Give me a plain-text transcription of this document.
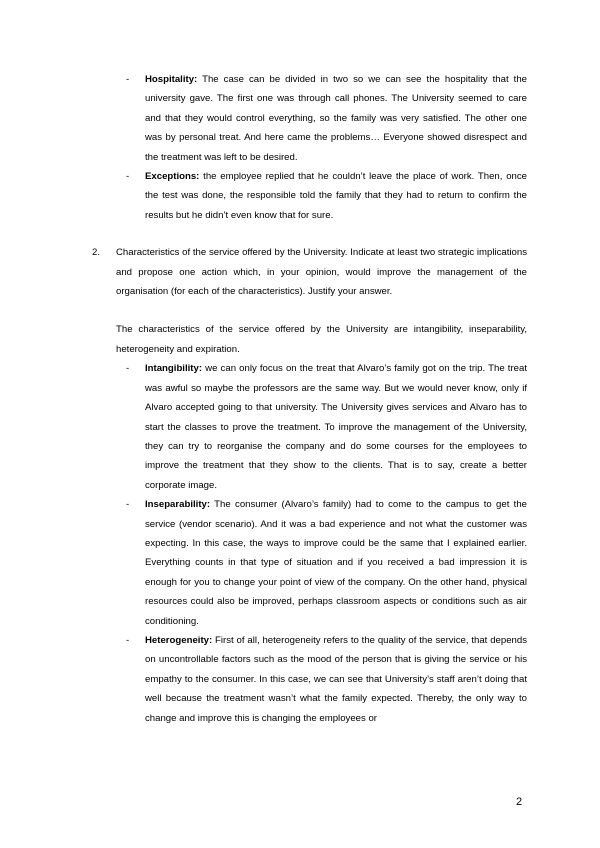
- Hospitality: The case can be divided in two so we can see the hospitality that the university gave. The first one was through call phones. The University seemed to care and that they would control everything, so the family was very satisfied. The other one was by personal treat. And here came the problems… Everyone showed disrespect and the treatment was left to be desired.
- Exceptions: the employee replied that he couldn’t leave the place of work. Then, once the test was done, the responsible told the family that they had to return to confirm the results but he didn’t even know that for sure.
2. Characteristics of the service offered by the University. Indicate at least two strategic implications and propose one action which, in your opinion, would improve the management of the organisation (for each of the characteristics). Justify your answer.
The characteristics of the service offered by the University are intangibility, inseparability, heterogeneity and expiration.
- Intangibility: we can only focus on the treat that Alvaro’s family got on the trip. The treat was awful so maybe the professors are the same way. But we would never know, only if Alvaro accepted going to that university. The University gives services and Alvaro has to start the classes to prove the treatment. To improve the management of the University, they can try to reorganise the company and do some courses for the employees to improve the treatment that they show to the clients. That is to say, create a better corporate image.
- Inseparability: The consumer (Alvaro’s family) had to come to the campus to get the service (vendor scenario). And it was a bad experience and not what the customer was expecting. In this case, the ways to improve could be the same that I explained earlier. Everything counts in that type of situation and if you received a bad impression it is enough for you to change your point of view of the company. On the other hand, physical resources could also be improved, perhaps classroom aspects or conditions such as air conditioning.
- Heterogeneity: First of all, heterogeneity refers to the quality of the service, that depends on uncontrollable factors such as the mood of the person that is giving the service or his empathy to the consumer. In this case, we can see that University’s staff aren’t doing that well because the treatment wasn’t what the family expected. Thereby, the only way to change and improve this is changing the employees or
2
